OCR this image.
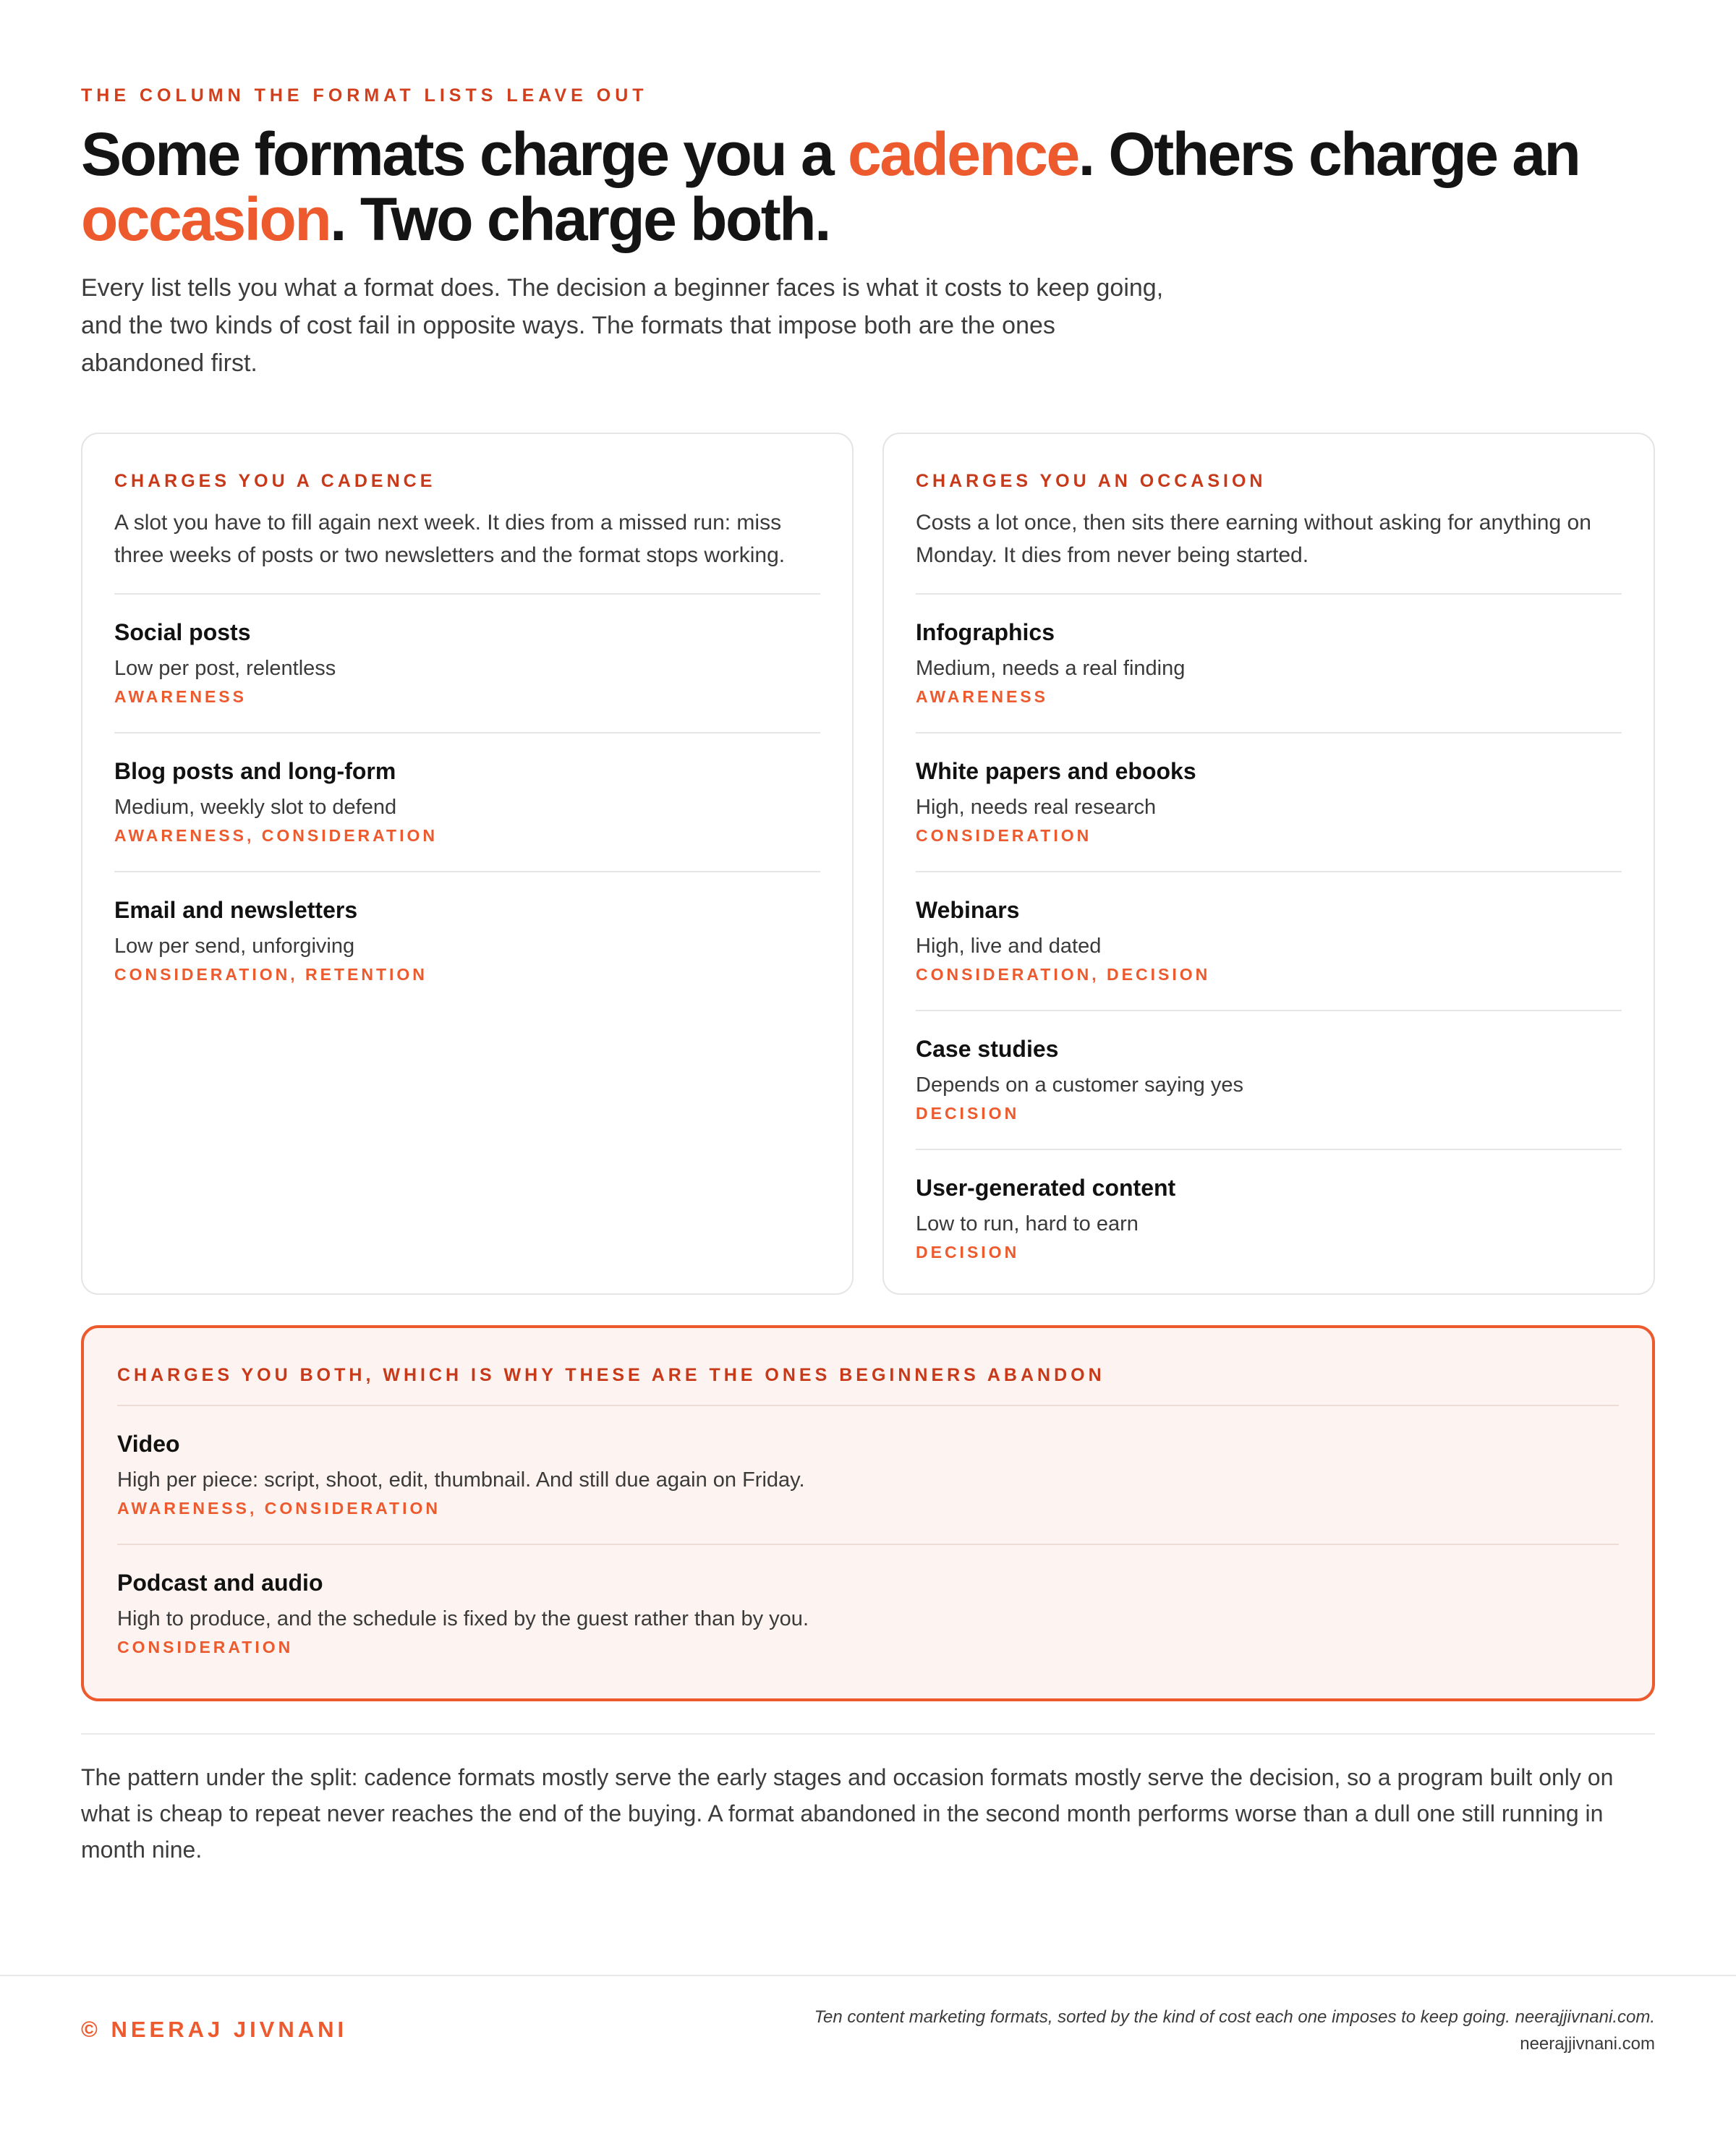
THE COLUMN THE FORMAT LISTS LEAVE OUT
Some formats charge you a cadence. Others charge an
occasion. Two charge both.

Every list tells you what a format does. The decision a beginner faces is what it costs to keep going, and the two kinds of cost fail in opposite ways. The formats that impose both are the ones abandoned first.

CHARGES YOU A CADENCE

A slot you have to fill again next week. It dies from a missed run: miss three weeks of posts or two newsletters and the format stops working.

Social posts

Low per post, relentless

AWARENESS

Blog posts and long-form

Medium, weekly slot to defend

AWARENESS, CONSIDERATION

Email and newsletters

Low per send, unforgiving

CONSIDERATION, RETENTION

CHARGES YOU AN OCCASION

Costs a lot once, then sits there earning without asking for anything on Monday. It dies from never being started.

Infographics

Medium, needs a real finding

AWARENESS

White papers and ebooks

High, needs real research

CONSIDERATION

Webinars

High, live and dated

CONSIDERATION, DECISION

Case studies

Depends on a customer saying yes

DECISION

User-generated content

Low to run, hard to earn

DECISION

CHARGES YOU BOTH, WHICH IS WHY THESE ARE THE ONES BEGINNERS ABANDON

Video

High per piece: script, shoot, edit, thumbnail. And still due again on Friday.

AWARENESS, CONSIDERATION

Podcast and audio

High to produce, and the schedule is fixed by the guest rather than by you.

CONSIDERATION

The pattern under the split: cadence formats mostly serve the early stages and occasion formats mostly serve the decision, so a program built only on what is cheap to repeat never reaches the end of the buying. A format abandoned in the second month performs worse than a dull one still running in month nine.

© NEERAJ JIVNANI	Ten content marketing formats, sorted by the kind of cost each one imposes to keep going. neerajjivnani.com.
neerajjivnani.com
